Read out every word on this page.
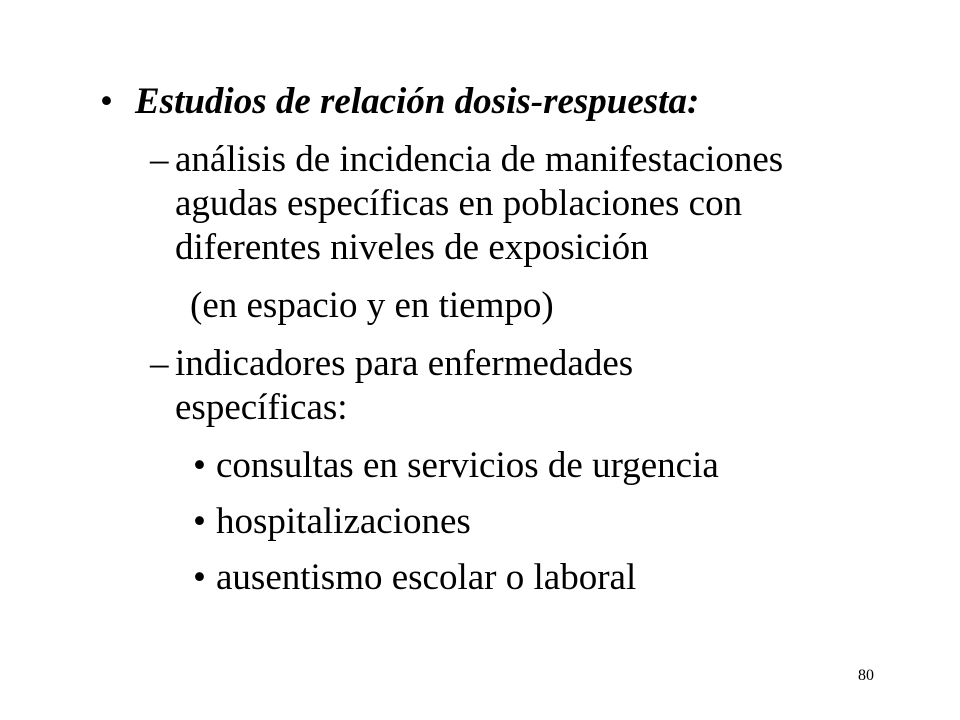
• Estudios de relación dosis-respuesta:
– análisis de incidencia de manifestaciones
agudas específicas en poblaciones con
diferentes niveles de exposición
(en espacio y en tiempo)
– indicadores para enfermedades
específicas:
• consultas en servicios de urgencia
• hospitalizaciones
• ausentismo escolar o laboral
80
